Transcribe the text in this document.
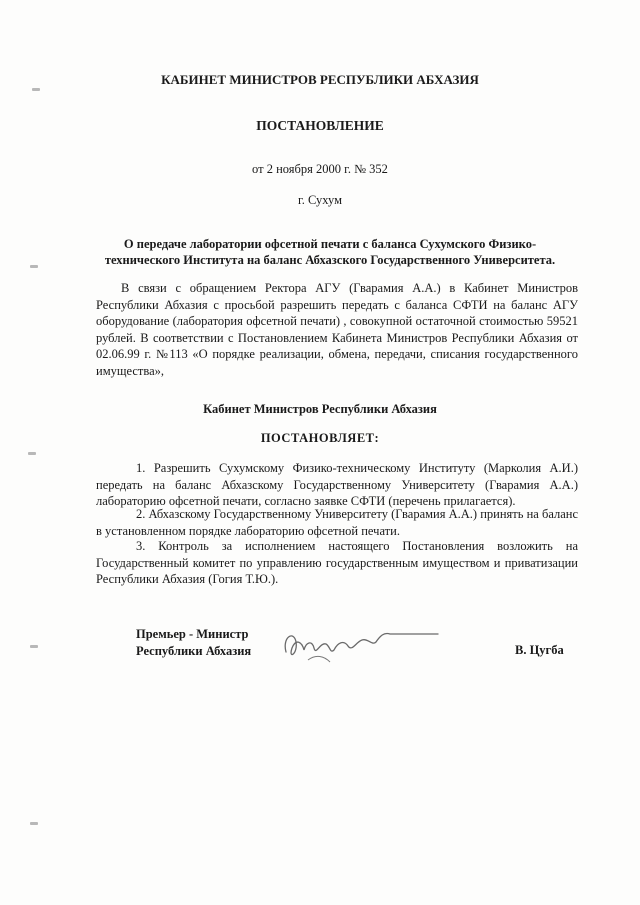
КАБИНЕТ МИНИСТРОВ РЕСПУБЛИКИ АБХАЗИЯ
ПОСТАНОВЛЕНИЕ
от 2 ноября 2000 г. № 352
г. Сухум
О передаче лаборатории офсетной печати с баланса Сухумского Физико-технического Института на баланс Абхазского Государственного Университета.
В связи с обращением Ректора АГУ (Гварамия А.А.) в Кабинет Министров Республики Абхазия с просьбой разрешить передать с баланса СФТИ на баланс АГУ оборудование (лаборатория офсетной печати) , совокупной остаточной стоимостью 59521 рублей. В соответствии с Постановлением Кабинета Министров Республики Абхазия от 02.06.99 г. №113 «О порядке реализации, обмена, передачи, списания государственного имущества»,
Кабинет Министров Республики Абхазия
ПОСТАНОВЛЯЕТ:
1. Разрешить Сухумскому Физико-техническому Институту (Марколия А.И.) передать на баланс Абхазскому Государственному Университету (Гварамия А.А.) лабораторию офсетной печати, согласно заявке СФТИ (перечень прилагается).
2. Абхазскому Государственному Университету (Гварамия А.А.) принять на баланс в установленном порядке лабораторию офсетной печати.
3. Контроль за исполнением настоящего Постановления возложить на Государственный комитет по управлению государственным имуществом и приватизации Республики Абхазия (Гогия Т.Ю.).
Премьер - Министр
Республики Абхазия	В. Цугба
